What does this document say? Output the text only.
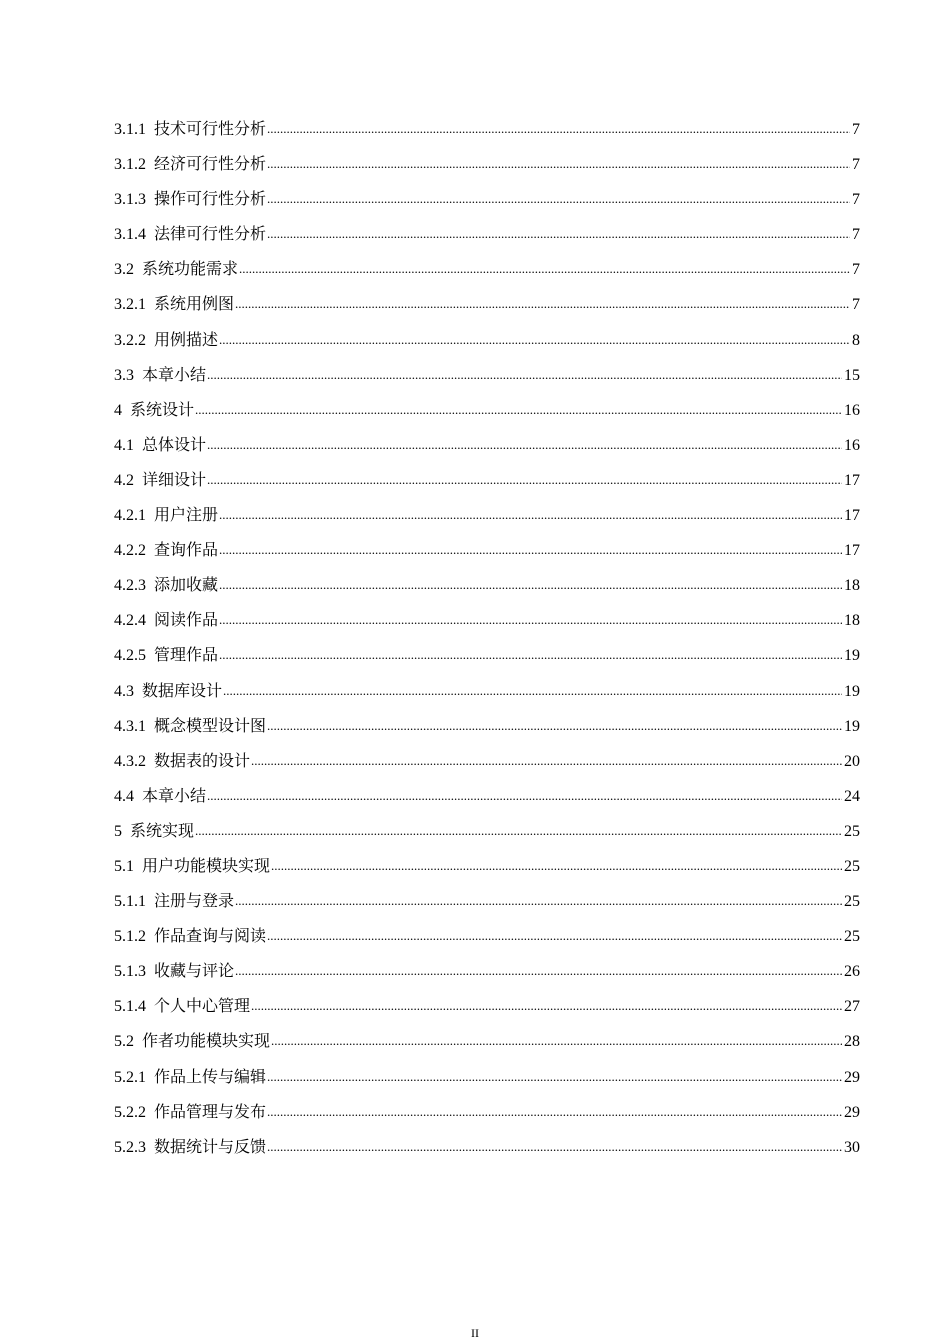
3.1.1 技术可行性分析 .....	7
3.1.2 经济可行性分析 .....	7
3.1.3 操作可行性分析 .....	7
3.1.4 法律可行性分析 .....	7
3.2 系统功能需求 .....	7
3.2.1 系统用例图 .....	7
3.2.2 用例描述 .....	8
3.3 本章小结 .....	15
4 系统设计 .....	16
4.1 总体设计 .....	16
4.2 详细设计 .....	17
4.2.1 用户注册 .....	17
4.2.2 查询作品 .....	17
4.2.3 添加收藏 .....	18
4.2.4 阅读作品 .....	18
4.2.5 管理作品 .....	19
4.3 数据库设计 .....	19
4.3.1 概念模型设计图 .....	19
4.3.2 数据表的设计 .....	20
4.4 本章小结 .....	24
5 系统实现 .....	25
5.1 用户功能模块实现 .....	25
5.1.1 注册与登录 .....	25
5.1.2 作品查询与阅读 .....	25
5.1.3 收藏与评论 .....	26
5.1.4 个人中心管理 .....	27
5.2 作者功能模块实现 .....	28
5.2.1 作品上传与编辑 .....	29
5.2.2 作品管理与发布 .....	29
5.2.3 数据统计与反馈 .....	30
II
